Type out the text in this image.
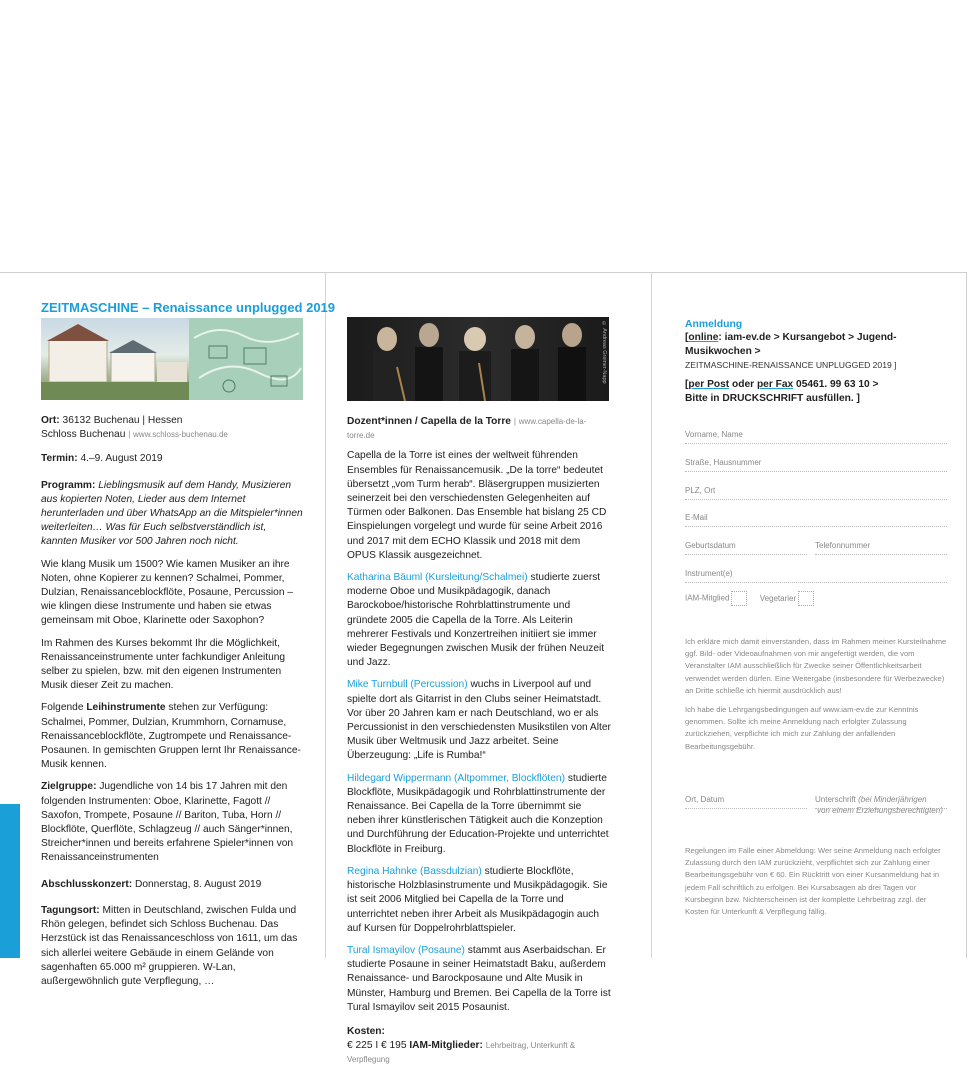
ZEITMASCHINE – Renaissance unplugged 2019

Ort: 36132 Buchenau | Hessen
Schloss Buchenau | www.schloss-buchenau.de

Termin: 4.–9. August 2019

Programm: Lieblingsmusik auf dem Handy, Musizieren aus kopierten Noten, Lieder aus dem Internet herunterladen und über WhatsApp an die Mitspieler*innen weiterleiten… Was für Euch selbstverständlich ist, kannten Musiker vor 500 Jahren noch nicht.

Wie klang Musik um 1500? Wie kamen Musiker an ihre Noten, ohne Kopierer zu kennen? Schalmei, Pommer, Dulzian, Renaissanceblockflöte, Posaune, Percussion – wie klingen diese Instrumente und haben sie etwas gemeinsam mit Oboe, Klarinette oder Saxophon?

Im Rahmen des Kurses bekommt Ihr die Möglichkeit, Renaissanceinstrumente unter fachkundiger Anleitung selber zu spielen, bzw. mit den eigenen Instrumenten Musik dieser Zeit zu machen.

Folgende Leihinstrumente stehen zur Verfügung: Schalmei, Pommer, Dulzian, Krummhorn, Cornamuse, Renaissanceblockflöte, Zugtrompete und Renaissance-Posaunen. In gemischten Gruppen lernt Ihr Renaissance-Musik kennen.

Zielgruppe: Jugendliche von 14 bis 17 Jahren mit den folgenden Instrumenten: Oboe, Klarinette, Fagott // Saxofon, Trompete, Posaune // Bariton, Tuba, Horn // Blockflöte, Querflöte, Schlagzeug // auch Sänger*innen, Streicher*innen und bereits erfahrene Spieler*innen von Renaissanceinstrumenten

Abschlusskonzert: Donnerstag, 8. August 2019

Tagungsort: Mitten in Deutschland, zwischen Fulda und Rhön gelegen, befindet sich Schloss Buchenau. Das Herzstück ist das Renaissanceschloss von 1611, um das sich allerlei weitere Gebäude in einem Gelände von sagenhaften 65.000 m² gruppieren. W-Lan, außergewöhnlich gute Verpflegung, …

© Andreas Greiner-Napp

Dozent*innen / Capella de la Torre | www.capella-de-la-torre.de

Capella de la Torre ist eines der weltweit führenden Ensembles für Renaissancemusik. „De la torre“ bedeutet übersetzt „vom Turm herab“. Bläsergruppen musizierten seinerzeit bei den verschiedensten Gelegenheiten auf Türmen oder Balkonen. Das Ensemble hat bislang 25 CD Einspielungen vorgelegt und wurde für seine Arbeit 2016 und 2017 mit dem ECHO Klassik und 2018 mit dem OPUS Klassik ausgezeichnet.

Katharina Bäuml (Kursleitung/Schalmei) studierte zuerst moderne Oboe und Musikpädagogik, danach Barockoboe/historische Rohrblattinstrumente und gründete 2005 die Capella de la Torre. Als Leiterin mehrerer Festivals und Konzertreihen initiiert sie immer wieder Begegnungen zwischen Musik der frühen Neuzeit und Jazz.

Mike Turnbull (Percussion) wuchs in Liverpool auf und spielte dort als Gitarrist in den Clubs seiner Heimatstadt. Vor über 20 Jahren kam er nach Deutschland, wo er als Percussionist in den verschiedensten Musikstilen von Alter Musik über Weltmusik und Jazz arbeitet. Seine Überzeugung: „Life is Rumba!“

Hildegard Wippermann (Altpommer, Blockflöten) studierte Blockflöte, Musikpädagogik und Rohrblattinstrumente der Renaissance. Bei Capella de la Torre übernimmt sie neben ihrer künstlerischen Tätigkeit auch die Konzeption und Durchführung der Education-Projekte und unterrichtet Blockflöte in Freiburg.

Regina Hahnke (Bassdulzian) studierte Blockflöte, historische Holzblasinstrumente und Musikpädagogik. Sie ist seit 2006 Mitglied bei Capella de la Torre und unterrichtet neben ihrer Arbeit als Musikpädagogin auch auf Kursen für Doppelrohrblattspieler.

Tural Ismayilov (Posaune) stammt aus Aserbaidschan. Er studierte Posaune in seiner Heimatstadt Baku, außerdem Renaissance- und Barockposaune und Alte Musik in Münster, Hamburg und Bremen. Bei Capella de la Torre ist Tural Ismayilov seit 2015 Posaunist.

Kosten:
€ 225 I € 195 IAM-Mitglieder: Lehrbeitrag, Unterkunft & Verpflegung

Anmeldung
[online: iam-ev.de > Kursangebot > Jugend-Musikwochen >
ZEITMASCHINE-RENAISSANCE UNPLUGGED 2019 ]
[per Post oder per Fax 05461. 99 63 10 >
Bitte in DRUCKSCHRIFT ausfüllen. ]
Vorname, Name
Straße, Hausnummer
PLZ, Ort
E-Mail
Geburtsdatum	Telefonnummer
Instrument(e)
IAM-Mitglied	Vegetarier

Ich erkläre mich damit einverstanden, dass im Rahmen meiner Kursteilnahme ggf. Bild- oder Videoaufnahmen von mir angefertigt werden, die vom Veranstalter IAM ausschließlich für Zwecke seiner Öffentlichkeitsarbeit verwendet werden dürfen. Eine Weitergabe (insbesondere für Werbezwecke) an Dritte schließe ich hiermit ausdrücklich aus!

Ich habe die Lehrgangsbedingungen auf www.iam-ev.de zur Kenntnis genommen. Sollte ich meine Anmeldung nach erfolgter Zulassung zurückziehen, verpflichte ich mich zur Zahlung der anfallenden Bearbeitungsgebühr.

Ort, Datum	Unterschrift (bei Minderjährigen
von einem Erziehungsberechtigten)

Regelungen im Falle einer Abmeldung: Wer seine Anmeldung nach erfolgter Zulassung durch den IAM zurückzieht, verpflichtet sich zur Zahlung einer Bearbeitungsgebühr von € 60. Ein Rücktritt von einer Kursanmeldung hat in jedem Fall schriftlich zu erfolgen. Bei Kursabsagen ab drei Tagen vor Kursbeginn bzw. Nichterscheinen ist der komplette Lehrbeitrag zzgl. der Kosten für Unterkunft & Verpflegung fällig.
